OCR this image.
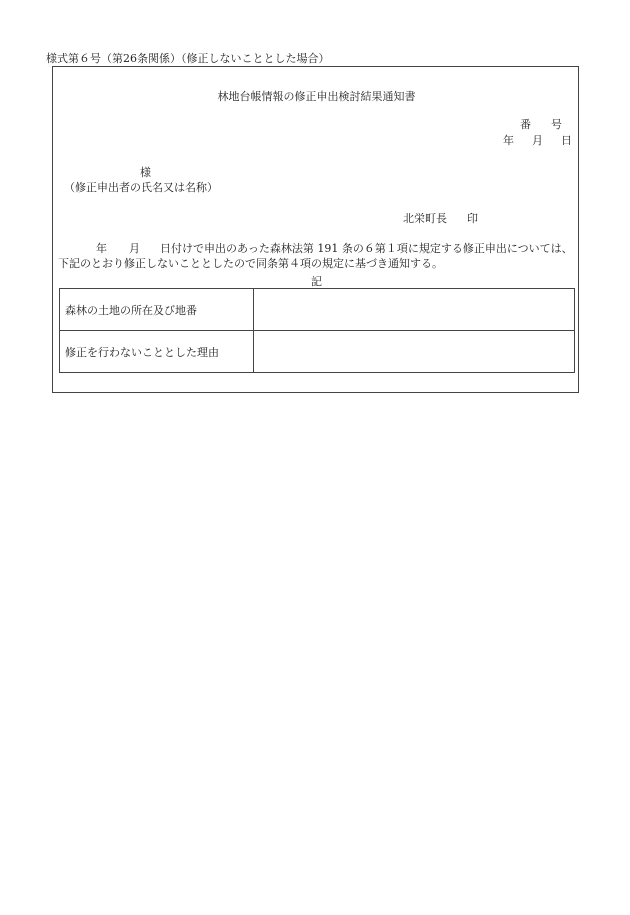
様式第６号（第26条関係）（修正しないこととした場合）
林地台帳情報の修正申出検討結果通知書
番 号
年 月 日
様
（修正申出者の氏名又は名称）
北栄町長 印
年 月 日付けで申出のあった森林法第 191 条の６第１項に規定する修正申出については、下記のとおり修正しないこととしたので同条第４項の規定に基づき通知する。
記
森林の土地の所在及び地番	
修正を行わないこととした理由	
